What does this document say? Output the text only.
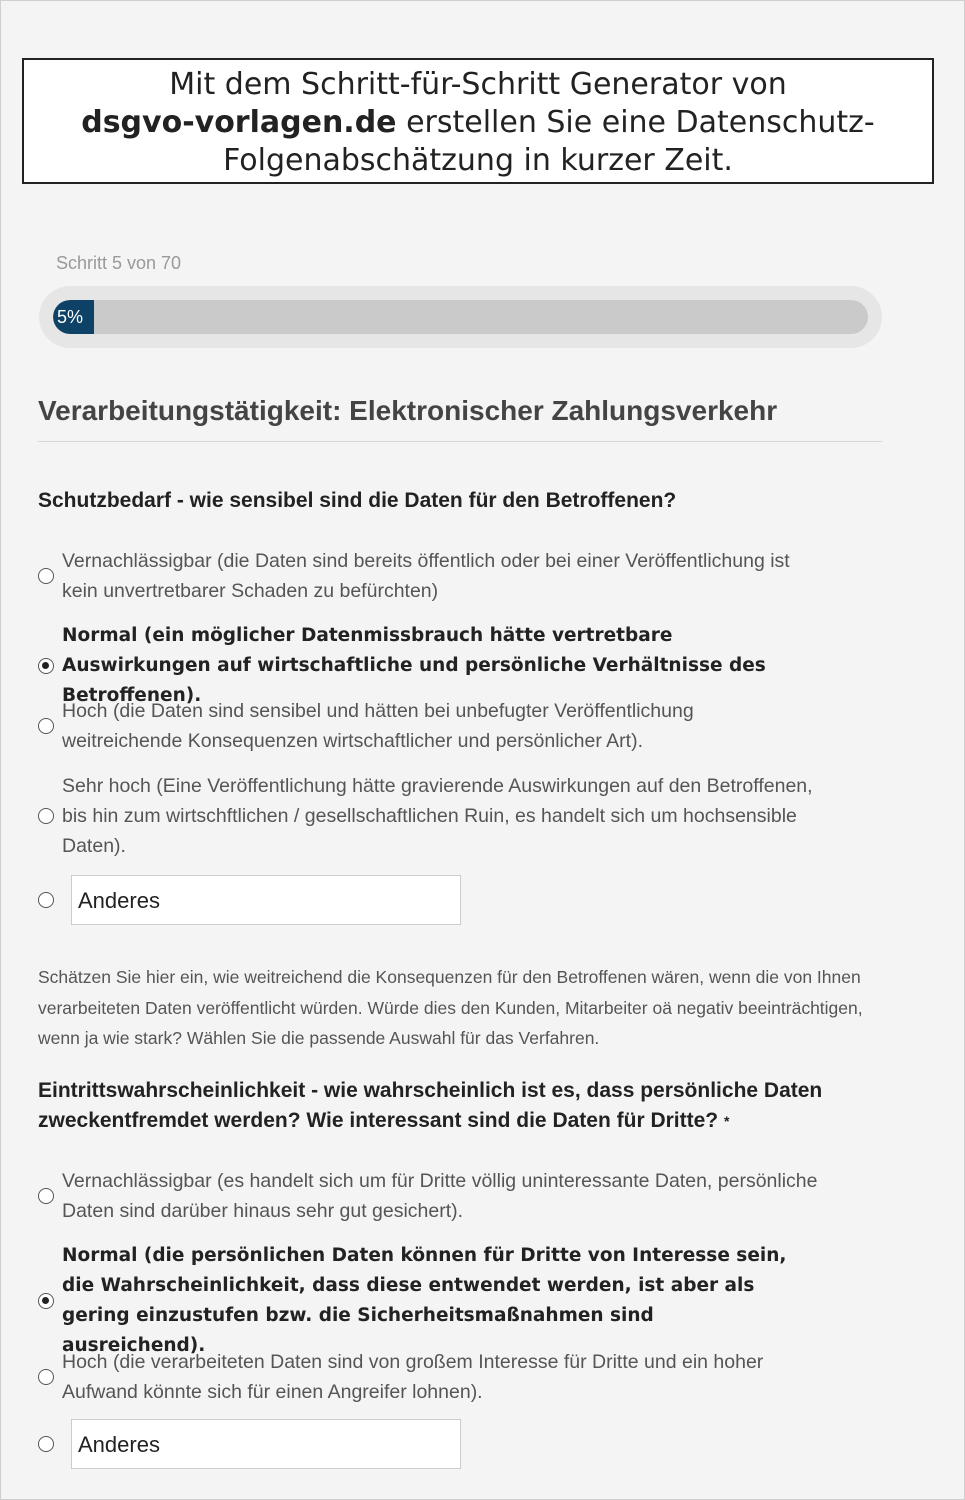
Mit dem Schritt-für-Schritt Generator von
dsgvo-vorlagen.de erstellen Sie eine Datenschutz-
Folgenabschätzung in kurzer Zeit.
Schritt 5 von 70
5%
Verarbeitungstätigkeit: Elektronischer Zahlungsverkehr
Schutzbedarf - wie sensibel sind die Daten für den Betroffenen?
Vernachlässigbar (die Daten sind bereits öffentlich oder bei einer Veröffentlichung ist kein unvertretbarer Schaden zu befürchten)
Normal (ein möglicher Datenmissbrauch hätte vertretbare Auswirkungen auf wirtschaftliche und persönliche Verhältnisse des Betroffenen).
Hoch (die Daten sind sensibel und hätten bei unbefugter Veröffentlichung weitreichende Konsequenzen wirtschaftlicher und persönlicher Art).
Sehr hoch (Eine Veröffentlichung hätte gravierende Auswirkungen auf den Betroffenen, bis hin zum wirtschftlichen / gesellschaftlichen Ruin, es handelt sich um hochsensible Daten).
Anderes
Schätzen Sie hier ein, wie weitreichend die Konsequenzen für den Betroffenen wären, wenn die von Ihnen verarbeiteten Daten veröffentlicht würden. Würde dies den Kunden, Mitarbeiter oä negativ beeinträchtigen, wenn ja wie stark? Wählen Sie die passende Auswahl für das Verfahren.
Eintrittswahrscheinlichkeit - wie wahrscheinlich ist es, dass persönliche Daten zweckentfremdet werden? Wie interessant sind die Daten für Dritte? *
Vernachlässigbar (es handelt sich um für Dritte völlig uninteressante Daten, persönliche Daten sind darüber hinaus sehr gut gesichert).
Normal (die persönlichen Daten können für Dritte von Interesse sein, die Wahrscheinlichkeit, dass diese entwendet werden, ist aber als gering einzustufen bzw. die Sicherheitsmaßnahmen sind ausreichend).
Hoch (die verarbeiteten Daten sind von großem Interesse für Dritte und ein hoher Aufwand könnte sich für einen Angreifer lohnen).
Anderes
